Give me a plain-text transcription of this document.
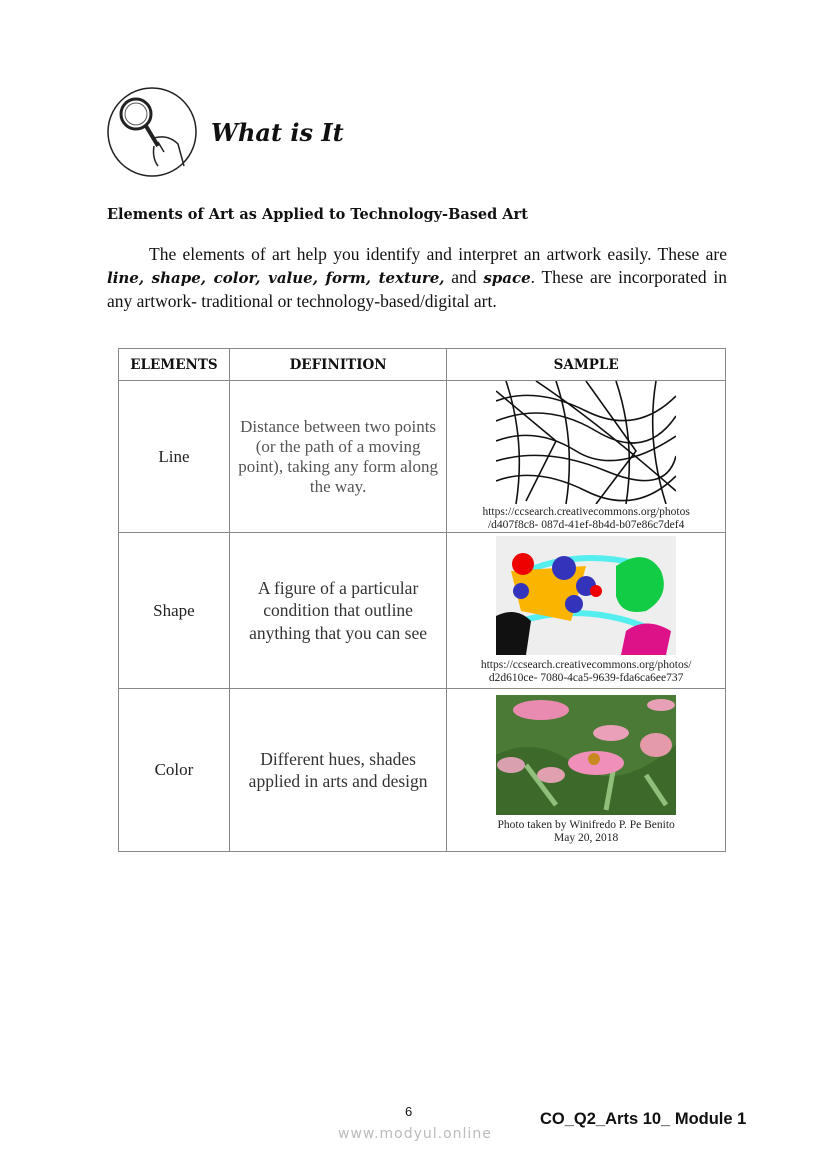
What is It
Elements of Art as Applied to Technology-Based Art
The elements of art help you identify and interpret an artwork easily. These are line, shape, color, value, form, texture, and space. These are incorporated in any artwork- traditional or technology-based/digital art.
ELEMENTS	DEFINITION	SAMPLE
Line	Distance between two points (or the path of a moving point), taking any form along the way.	https://ccsearch.creativecommons.org/photos
/d407f8c8- 087d-41ef-8b4d-b07e86c7def4

Shape	A figure of a particular condition that outline anything that you can see	https://ccsearch.creativecommons.org/photos/
d2d610ce- 7080-4ca5-9639-fda6ca6ee737

Color	Different hues, shades applied in arts and design	Photo taken by Winifredo P. Pe Benito
May 20, 2018
6	CO_Q2_Arts 10_ Module 1
www.modyul.online
